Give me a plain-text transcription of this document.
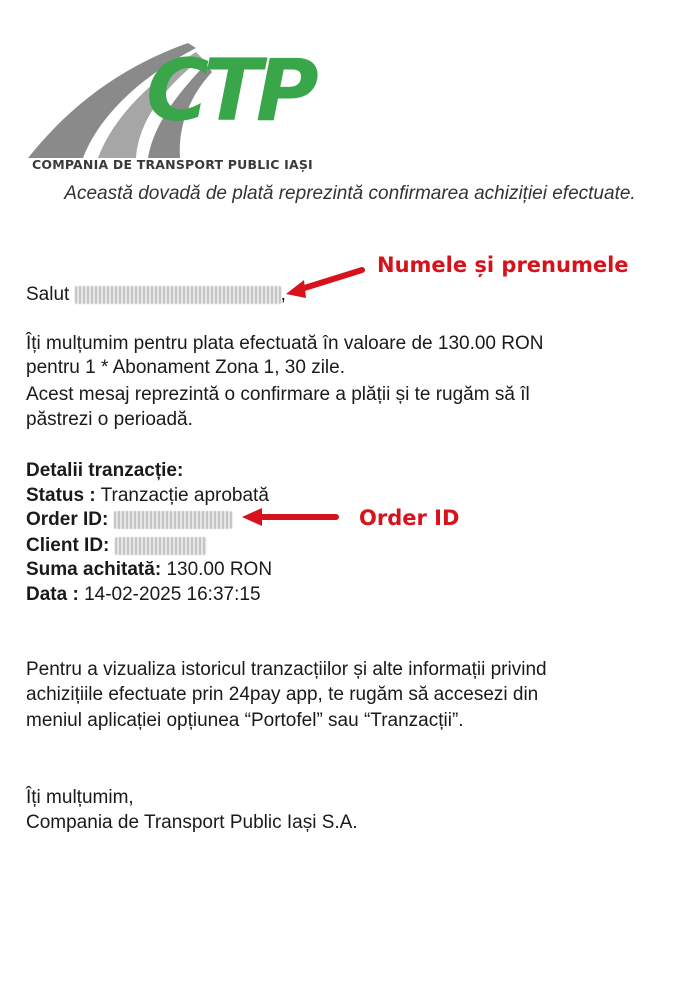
CTP
COMPANIA DE TRANSPORT PUBLIC IAȘI
Această dovadă de plată reprezintă confirmarea achiziției efectuate.
Salut	,
Numele și prenumele
Îți mulțumim pentru plata efectuată în valoare de 130.00 RON
pentru 1 * Abonament Zona 1, 30 zile.
Acest mesaj reprezintă o confirmare a plății și te rugăm să îl
păstrezi o perioadă.
Detalii tranzacție:
Status : Tranzacție aprobată
Order ID:	Order ID
Client ID:
Suma achitată: 130.00 RON
Data : 14-02-2025 16:37:15
Pentru a vizualiza istoricul tranzacțiilor și alte informații privind
achizițiile efectuate prin 24pay app, te rugăm să accesezi din
meniul aplicației opțiunea “Portofel” sau “Tranzacții”.
Îți mulțumim,
Compania de Transport Public Iași S.A.
